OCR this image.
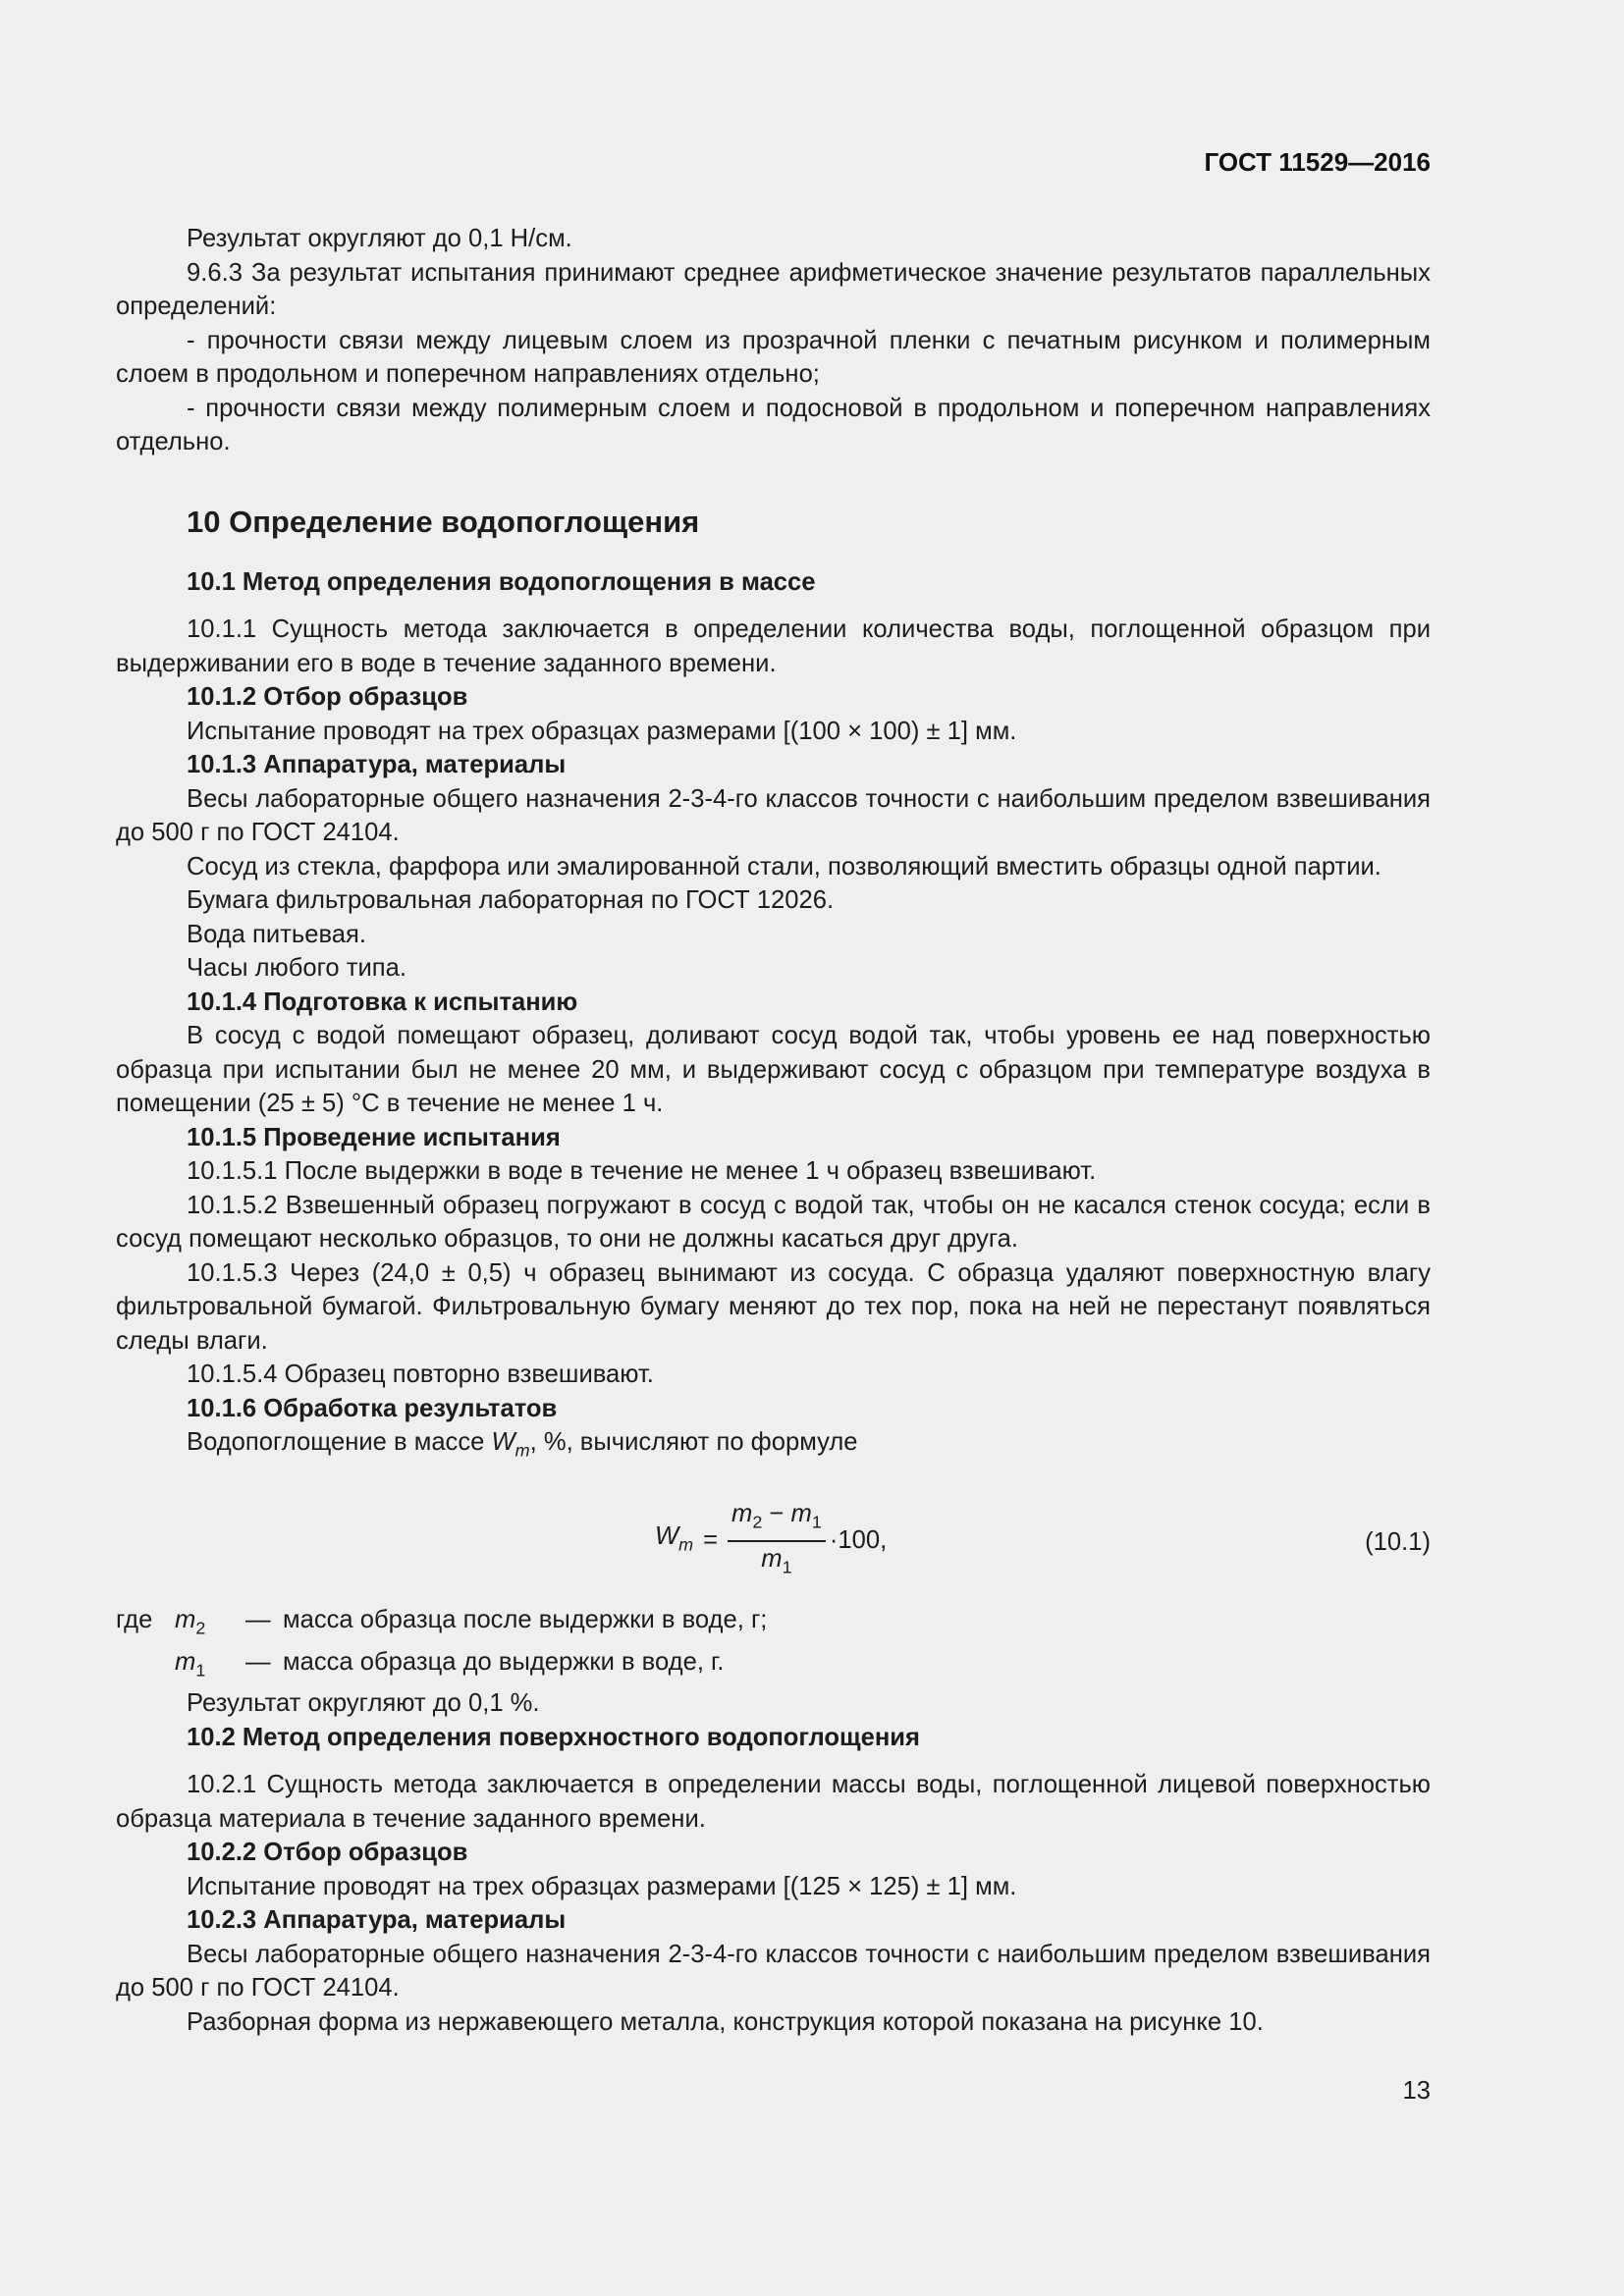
ГОСТ 11529—2016

Результат округляют до 0,1 Н/см.

9.6.3 За результат испытания принимают среднее арифметическое значение результатов параллельных определений:

- прочности связи между лицевым слоем из прозрачной пленки с печатным рисунком и полимерным слоем в продольном и поперечном направлениях отдельно;

- прочности связи между полимерным слоем и подосновой в продольном и поперечном направлениях отдельно.

10 Определение водопоглощения
10.1 Метод определения водопоглощения в массе

10.1.1 Сущность метода заключается в определении количества воды, поглощенной образцом при выдерживании его в воде в течение заданного времени.

10.1.2 Отбор образцов

Испытание проводят на трех образцах размерами [(100 × 100) ± 1] мм.

10.1.3 Аппаратура, материалы

Весы лабораторные общего назначения 2-3-4-го классов точности с наибольшим пределом взвешивания до 500 г по ГОСТ 24104.

Сосуд из стекла, фарфора или эмалированной стали, позволяющий вместить образцы одной партии.

Бумага фильтровальная лабораторная по ГОСТ 12026.

Вода питьевая.

Часы любого типа.

10.1.4 Подготовка к испытанию

В сосуд с водой помещают образец, доливают сосуд водой так, чтобы уровень ее над поверхностью образца при испытании был не менее 20 мм, и выдерживают сосуд с образцом при температуре воздуха в помещении (25 ± 5) °С в течение не менее 1 ч.

10.1.5 Проведение испытания

10.1.5.1 После выдержки в воде в течение не менее 1 ч образец взвешивают.

10.1.5.2 Взвешенный образец погружают в сосуд с водой так, чтобы он не касался стенок сосуда; если в сосуд помещают несколько образцов, то они не должны касаться друг друга.

10.1.5.3 Через (24,0 ± 0,5) ч образец вынимают из сосуда. С образца удаляют поверхностную влагу фильтровальной бумагой. Фильтровальную бумагу меняют до тех пор, пока на ней не перестанут появляться следы влаги.

10.1.5.4 Образец повторно взвешивают.

10.1.6 Обработка результатов

Водопоглощение в массе $W_m$, %, вычисляют по формуле

$W_m = \frac{m_2 - m_1}{m_1} \cdot 100$,	(10.1)
где $m_2$	— масса образца после выдержки в воде, г;
$m_1$	— масса образца до выдержки в воде, г.

Результат округляют до 0,1 %.

10.2 Метод определения поверхностного водопоглощения

10.2.1 Сущность метода заключается в определении массы воды, поглощенной лицевой поверхностью образца материала в течение заданного времени.

10.2.2 Отбор образцов

Испытание проводят на трех образцах размерами [(125 × 125) ± 1] мм.

10.2.3 Аппаратура, материалы

Весы лабораторные общего назначения 2-3-4-го классов точности с наибольшим пределом взвешивания до 500 г по ГОСТ 24104.

Разборная форма из нержавеющего металла, конструкция которой показана на рисунке 10.

13
